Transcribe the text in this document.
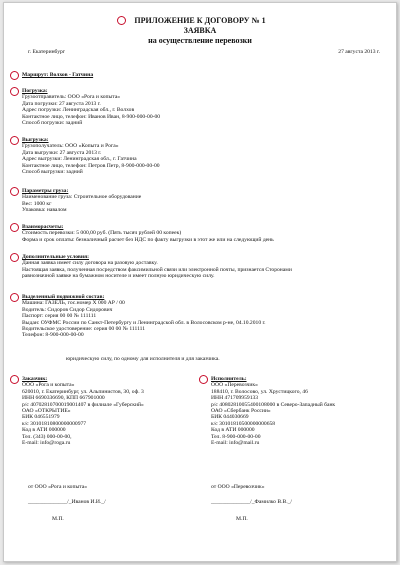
ПРИЛОЖЕНИЕ К ДОГОВОРУ № 1
ЗАЯВКА
на осуществление перевозки
г. Екатеринбург	27 августа 2013 г.
Маршрут: Волхов - Гатчина
Погрузка:
Грузоотправитель: ООО «Рога и копыта»
Дата погрузки: 27 августа 2013 г.
Адрес погрузки: Ленинградская обл., г. Волхов
Контактное лицо, телефон: Иванов Иван, 8-900-000-00-00
Способ погрузки: задний
Выгрузка:
Грузополучатель: ООО «Копыта и Рога»
Дата выгрузки: 27 августа 2013 г.
Адрес выгрузки: Ленинградская обл., г. Гатчина
Контактное лицо, телефон: Петров Петр, 8-900-000-00-00
Способ выгрузки: задний
Параметры груза:
Наименование груза: Строительное оборудование
Вес: 1000 кг
Упаковка: навалом
Взаиморасчеты:
Стоимость перевозки: 5 000,00 руб. (Пять тысяч рублей 00 копеек)
Форма и срок оплаты: безналичный расчет без НДС по факту выгрузки в этот же или на следующий день
Дополнительные условия:
Данная заявка имеет силу договора на разовую доставку.
Настоящая заявка, полученная посредством факсимильной связи или электронной почты, признается Сторонами
равнозначной заявке на бумажном носителе и имеет полную юридическую силу.
Выделенный подвижной состав:
Машина: ГАЗЕЛЬ, гос.номер Х 000 АР / 00
Водитель: Сидоров Сидор Сидорович
Паспорт: серия 00 00 № 111111
Выдан: ОУФМС России по Санкт-Петербургу и Ленинградской обл. в Волосовском р-не, 04.10.2010 г.
Водительское удостоверение: серия 00 00 № 111111
Телефон: 8-900-000-00-00
юридическую силу, по одному для исполнителя и для заказчика.
Заказчик:
ООО «Рога и копыта»
620010, г. Екатеринбург, ул. Альпинистов, 30, оф. 3
ИНН 6690336690, КПП 667901000
р/с 40702810700019001407 в филиале «Губерский»
ОАО «ОТКРЫТИЕ»
БИК 046551979
к/с 30101810800000000977
Код в АТИ 000000
Тел. (343) 000-00-00,
E-mail: info@roga.ru
Исполнитель:
ООО «Перевозчик»
188410, г. Волосово, ул. Хрустицкого, 46
ИНН 471709959133
р/с 40802810055400108000 в Северо-Западный банк
ОАО «Сбербанк России»
БИК 044030669
к/с 30101810500000000658
Код в АТИ 000000
Тел. 8-900-000-00-00
E-mail: info@mail.ru
от ООО «Рога и копыта»
______________/_Иванов И.И._/
М.П.
от ООО «Перевозчик»
______________/_Фамилко В.В._/
М.П.
